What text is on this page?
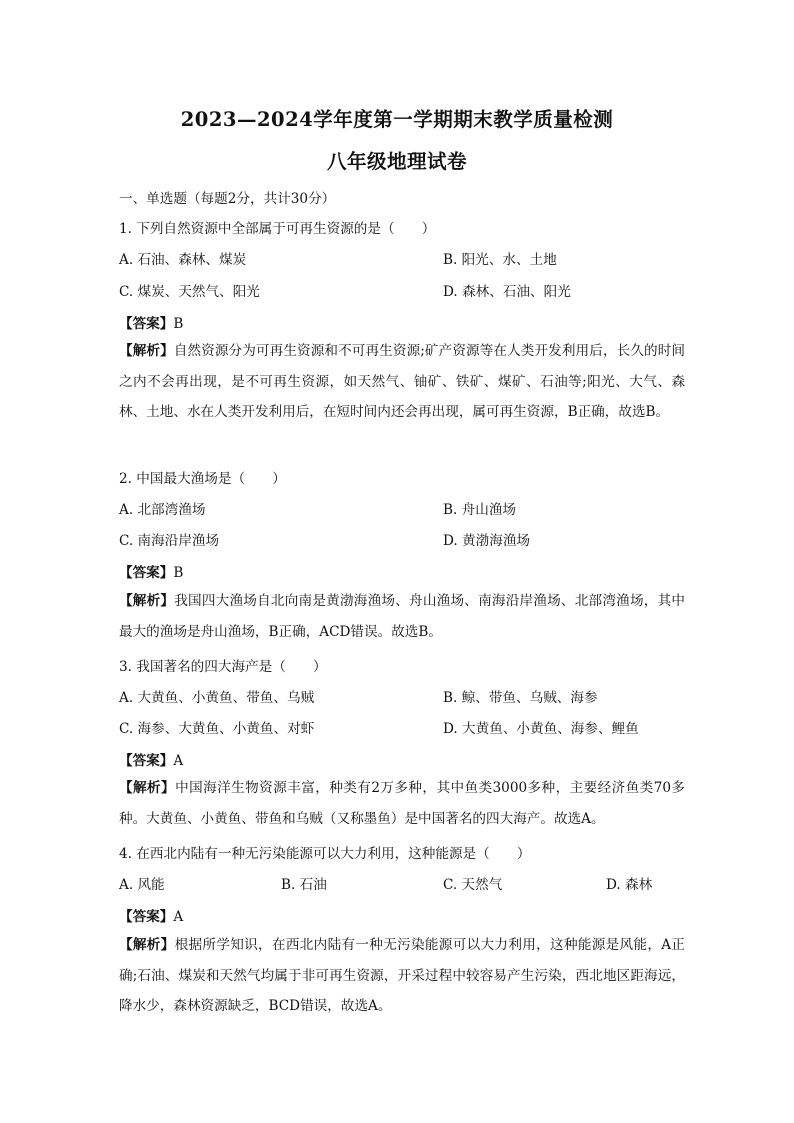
2023—2024学年度第一学期期末教学质量检测
八年级地理试卷
一、单选题（每题2分，共计30分）
1. 下列自然资源中全部属于可再生资源的是（　　）
A. 石油、森林、煤炭	B. 阳光、水、土地
C. 煤炭、天然气、阳光	D. 森林、石油、阳光
【答案】B
【解析】自然资源分为可再生资源和不可再生资源;矿产资源等在人类开发利用后，长久的时间之内不会再出现，是不可再生资源，如天然气、铀矿、铁矿、煤矿、石油等;阳光、大气、森林、土地、水在人类开发利用后，在短时间内还会再出现，属可再生资源，B正确，故选B。
2. 中国最大渔场是（　　）
A. 北部湾渔场	B. 舟山渔场
C. 南海沿岸渔场	D. 黄渤海渔场
【答案】B
【解析】我国四大渔场自北向南是黄渤海渔场、舟山渔场、南海沿岸渔场、北部湾渔场，其中最大的渔场是舟山渔场，B正确，ACD错误。故选B。
3. 我国著名的四大海产是（　　）
A. 大黄鱼、小黄鱼、带鱼、乌贼	B. 鲸、带鱼、乌贼、海参
C. 海参、大黄鱼、小黄鱼、对虾	D. 大黄鱼、小黄鱼、海参、鲤鱼
【答案】A
【解析】中国海洋生物资源丰富，种类有2万多种，其中鱼类3000多种，主要经济鱼类70多种。大黄鱼、小黄鱼、带鱼和乌贼（又称墨鱼）是中国著名的四大海产。故选A。
4. 在西北内陆有一种无污染能源可以大力利用，这种能源是（　　）
A. 风能	B. 石油	C. 天然气	D. 森林
【答案】A
【解析】根据所学知识，在西北内陆有一种无污染能源可以大力利用，这种能源是风能，A正确;石油、煤炭和天然气均属于非可再生资源，开采过程中较容易产生污染，西北地区距海远，降水少，森林资源缺乏，BCD错误，故选A。
